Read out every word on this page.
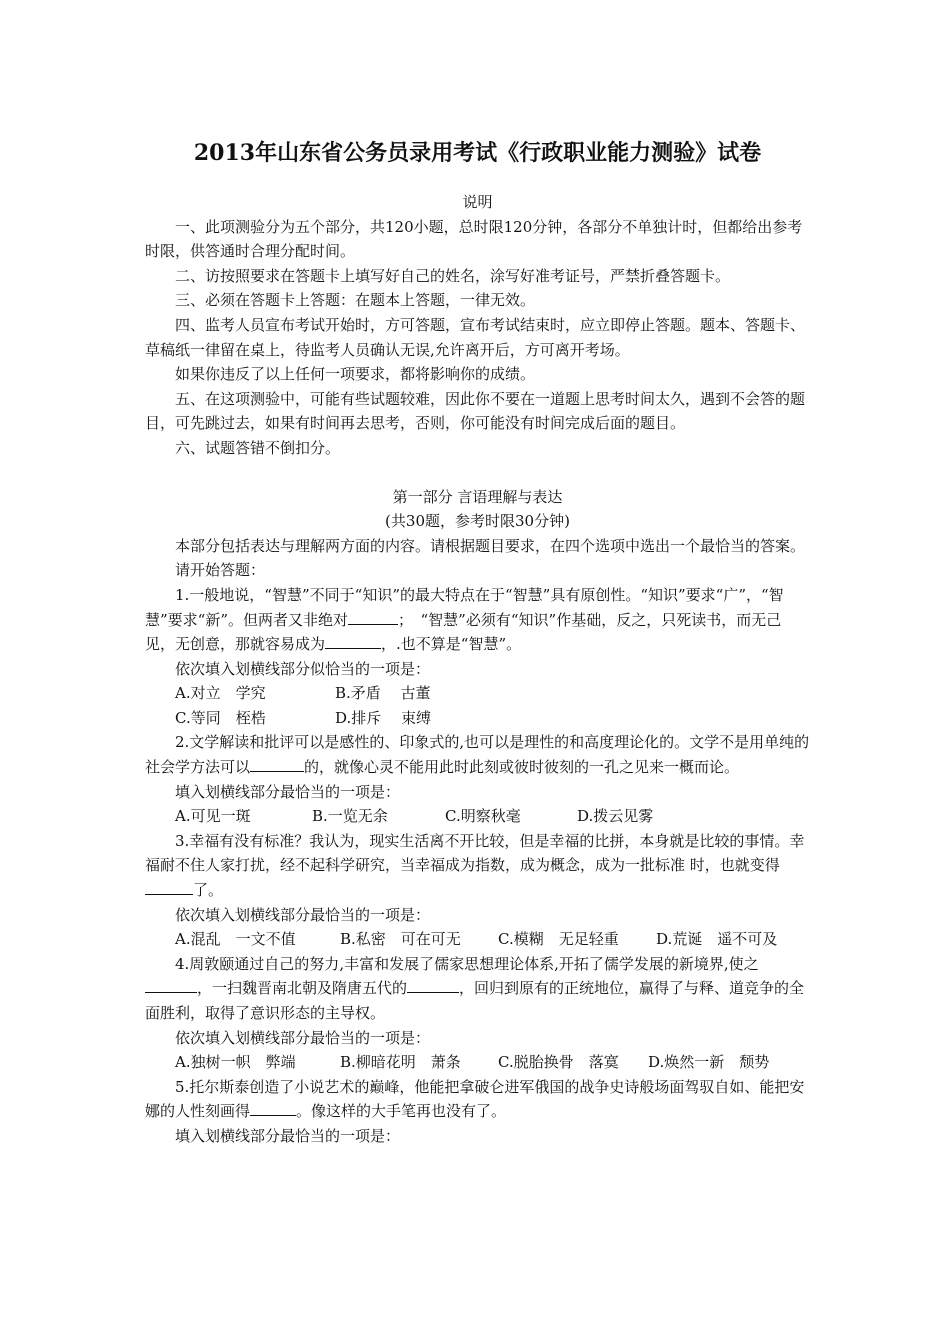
2013年山东省公务员录用考试《行政职业能力测验》试卷

说明

一、此项测验分为五个部分，共120小题，总时限120分钟，各部分不单独计时，但都给出参考时限，供答通时合理分配时间。

二、访按照要求在答题卡上填写好自己的姓名，涂写好准考证号，严禁折叠答题卡。

三、必须在答题卡上答题：在题本上答题，一律无效。

四、监考人员宣布考试开始时，方可答题，宣布考试结束时，应立即停止答题。题本、答题卡、草稿纸一律留在桌上，待监考人员确认无误,允许离开后，方可离开考场。

如果你违反了以上任何一项要求，都将影响你的成绩。

五、在这项测验中，可能有些试题较难，因此你不要在一道题上思考时间太久，遇到不会答的题目，可先跳过去，如果有时间再去思考，否则，你可能没有时间完成后面的题目。

六、试题答错不倒扣分。

第一部分 言语理解与表达

(共30题，参考时限30分钟)

本部分包括表达与理解两方面的内容。请根据题目要求，在四个选项中选出一个最恰当的答案。

请开始答题：

1.一般地说，“智慧”不同于“知识”的最大特点在于“智慧”具有原创性。“知识”要求“广”，“智慧”要求“新”。但两者又非绝对	；　“智慧”必须有“知识”作基础，反之，只死读书，而无己见，无创意，那就容易成为	，.也不算是“智慧”。

依次填入划横线部分似恰当的一项是：

A.对立　学究	B.矛盾　 古董
C.等同　桎梏	D.排斥　 束缚

2.文学解读和批评可以是感性的、印象式的,也可以是理性的和高度理论化的。文学不是用单纯的社会学方法可以	的，就像心灵不能用此时此刻或彼时彼刻的一孔之见来一概而论。

填入划横线部分最恰当的一项是：

A.可见一斑	B.一览无余	C.明察秋毫	D.拨云见雾

3.幸福有没有标准？我认为，现实生活离不开比较，但是幸福的比拼，本身就是比较的事情。幸福耐不住人家打扰，经不起科学研究，当幸福成为指数，成为概念，成为一批标准 时，也就变得了。

依次填入划横线部分最恰当的一项是：

A.混乱　一文不值	B.私密　可在可无	C.模糊　无足轻重	D.荒诞　遥不可及

4.周敦颐通过自己的努力,丰富和发展了儒家思想理论体系,开拓了儒学发展的新境界,使之，一扫魏晋南北朝及隋唐五代的	，回归到原有的正统地位，赢得了与释、道竞争的全面胜利，取得了意识形态的主导权。

依次填入划横线部分最恰当的一项是：

A.独树一帜　弊端	B.柳暗花明　萧条	C.脱胎换骨　落寞	D.焕然一新　颓势

5.托尔斯泰创造了小说艺术的巅峰，他能把拿破仑进军俄国的战争史诗般场面驾驭自如、能把安娜的人性刻画得	。像这样的大手笔再也没有了。

填入划横线部分最恰当的一项是：
